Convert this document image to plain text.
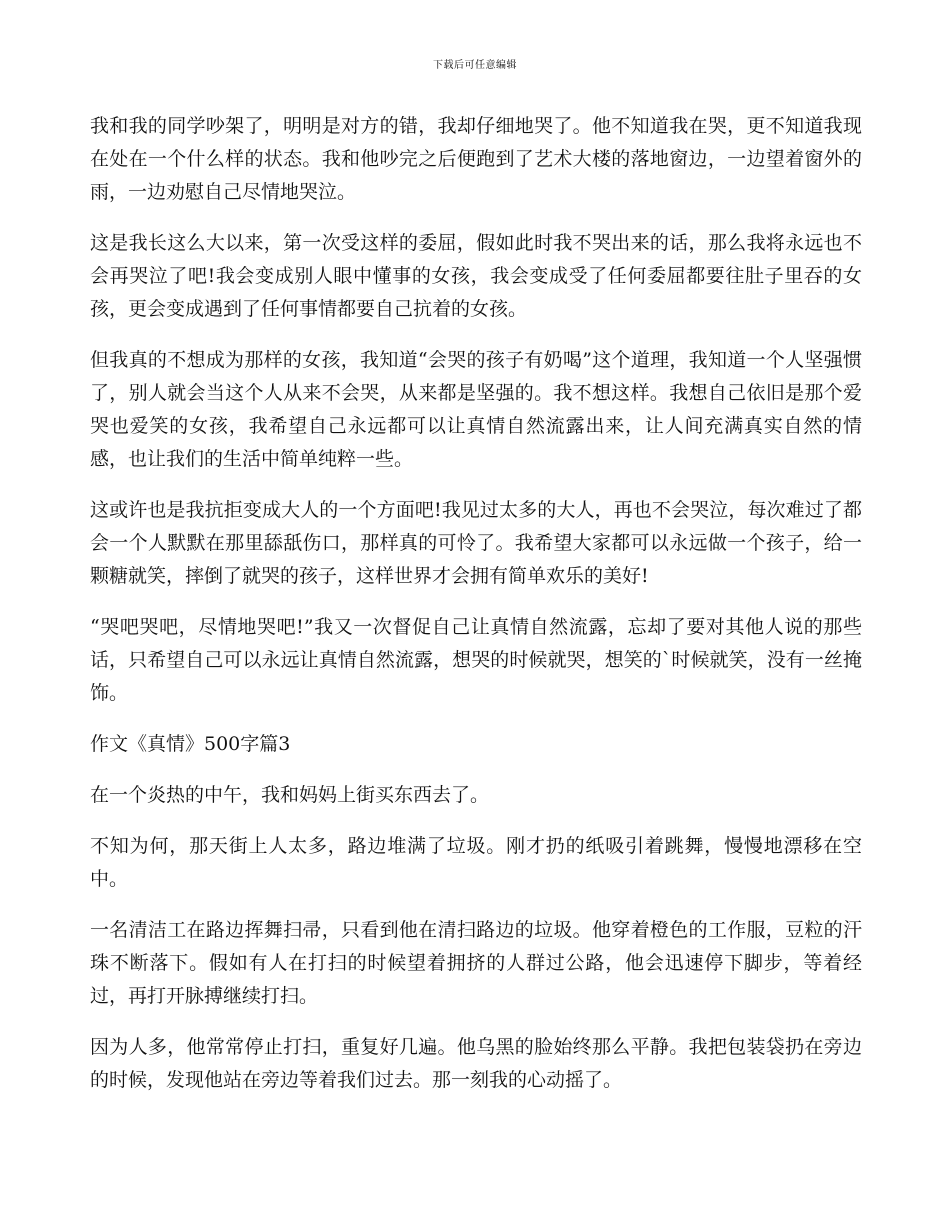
下载后可任意编辑

我和我的同学吵架了，明明是对方的错，我却仔细地哭了。他不知道我在哭，更不知道我现在处在一个什么样的状态。我和他吵完之后便跑到了艺术大楼的落地窗边，一边望着窗外的雨，一边劝慰自己尽情地哭泣。

这是我长这么大以来，第一次受这样的委屈，假如此时我不哭出来的话，那么我将永远也不会再哭泣了吧!我会变成别人眼中懂事的女孩，我会变成受了任何委屈都要往肚子里吞的女孩，更会变成遇到了任何事情都要自己抗着的女孩。

但我真的不想成为那样的女孩，我知道“会哭的孩子有奶喝”这个道理，我知道一个人坚强惯了，别人就会当这个人从来不会哭，从来都是坚强的。我不想这样。我想自己依旧是那个爱哭也爱笑的女孩，我希望自己永远都可以让真情自然流露出来，让人间充满真实自然的情感，也让我们的生活中简单纯粹一些。

这或许也是我抗拒变成大人的一个方面吧!我见过太多的大人，再也不会哭泣，每次难过了都会一个人默默在那里舔舐伤口，那样真的可怜了。我希望大家都可以永远做一个孩子，给一颗糖就笑，摔倒了就哭的孩子，这样世界才会拥有简单欢乐的美好!

“哭吧哭吧，尽情地哭吧!”我又一次督促自己让真情自然流露，忘却了要对其他人说的那些话，只希望自己可以永远让真情自然流露，想哭的时候就哭，想笑的`时候就笑，没有一丝掩饰。

作文《真情》500字篇3

在一个炎热的中午，我和妈妈上街买东西去了。

不知为何，那天街上人太多，路边堆满了垃圾。刚才扔的纸吸引着跳舞，慢慢地漂移在空中。

一名清洁工在路边挥舞扫帚，只看到他在清扫路边的垃圾。他穿着橙色的工作服，豆粒的汗珠不断落下。假如有人在打扫的时候望着拥挤的人群过公路，他会迅速停下脚步，等着经过，再打开脉搏继续打扫。

因为人多，他常常停止打扫，重复好几遍。他乌黑的脸始终那么平静。我把包装袋扔在旁边的时候，发现他站在旁边等着我们过去。那一刻我的心动摇了。
